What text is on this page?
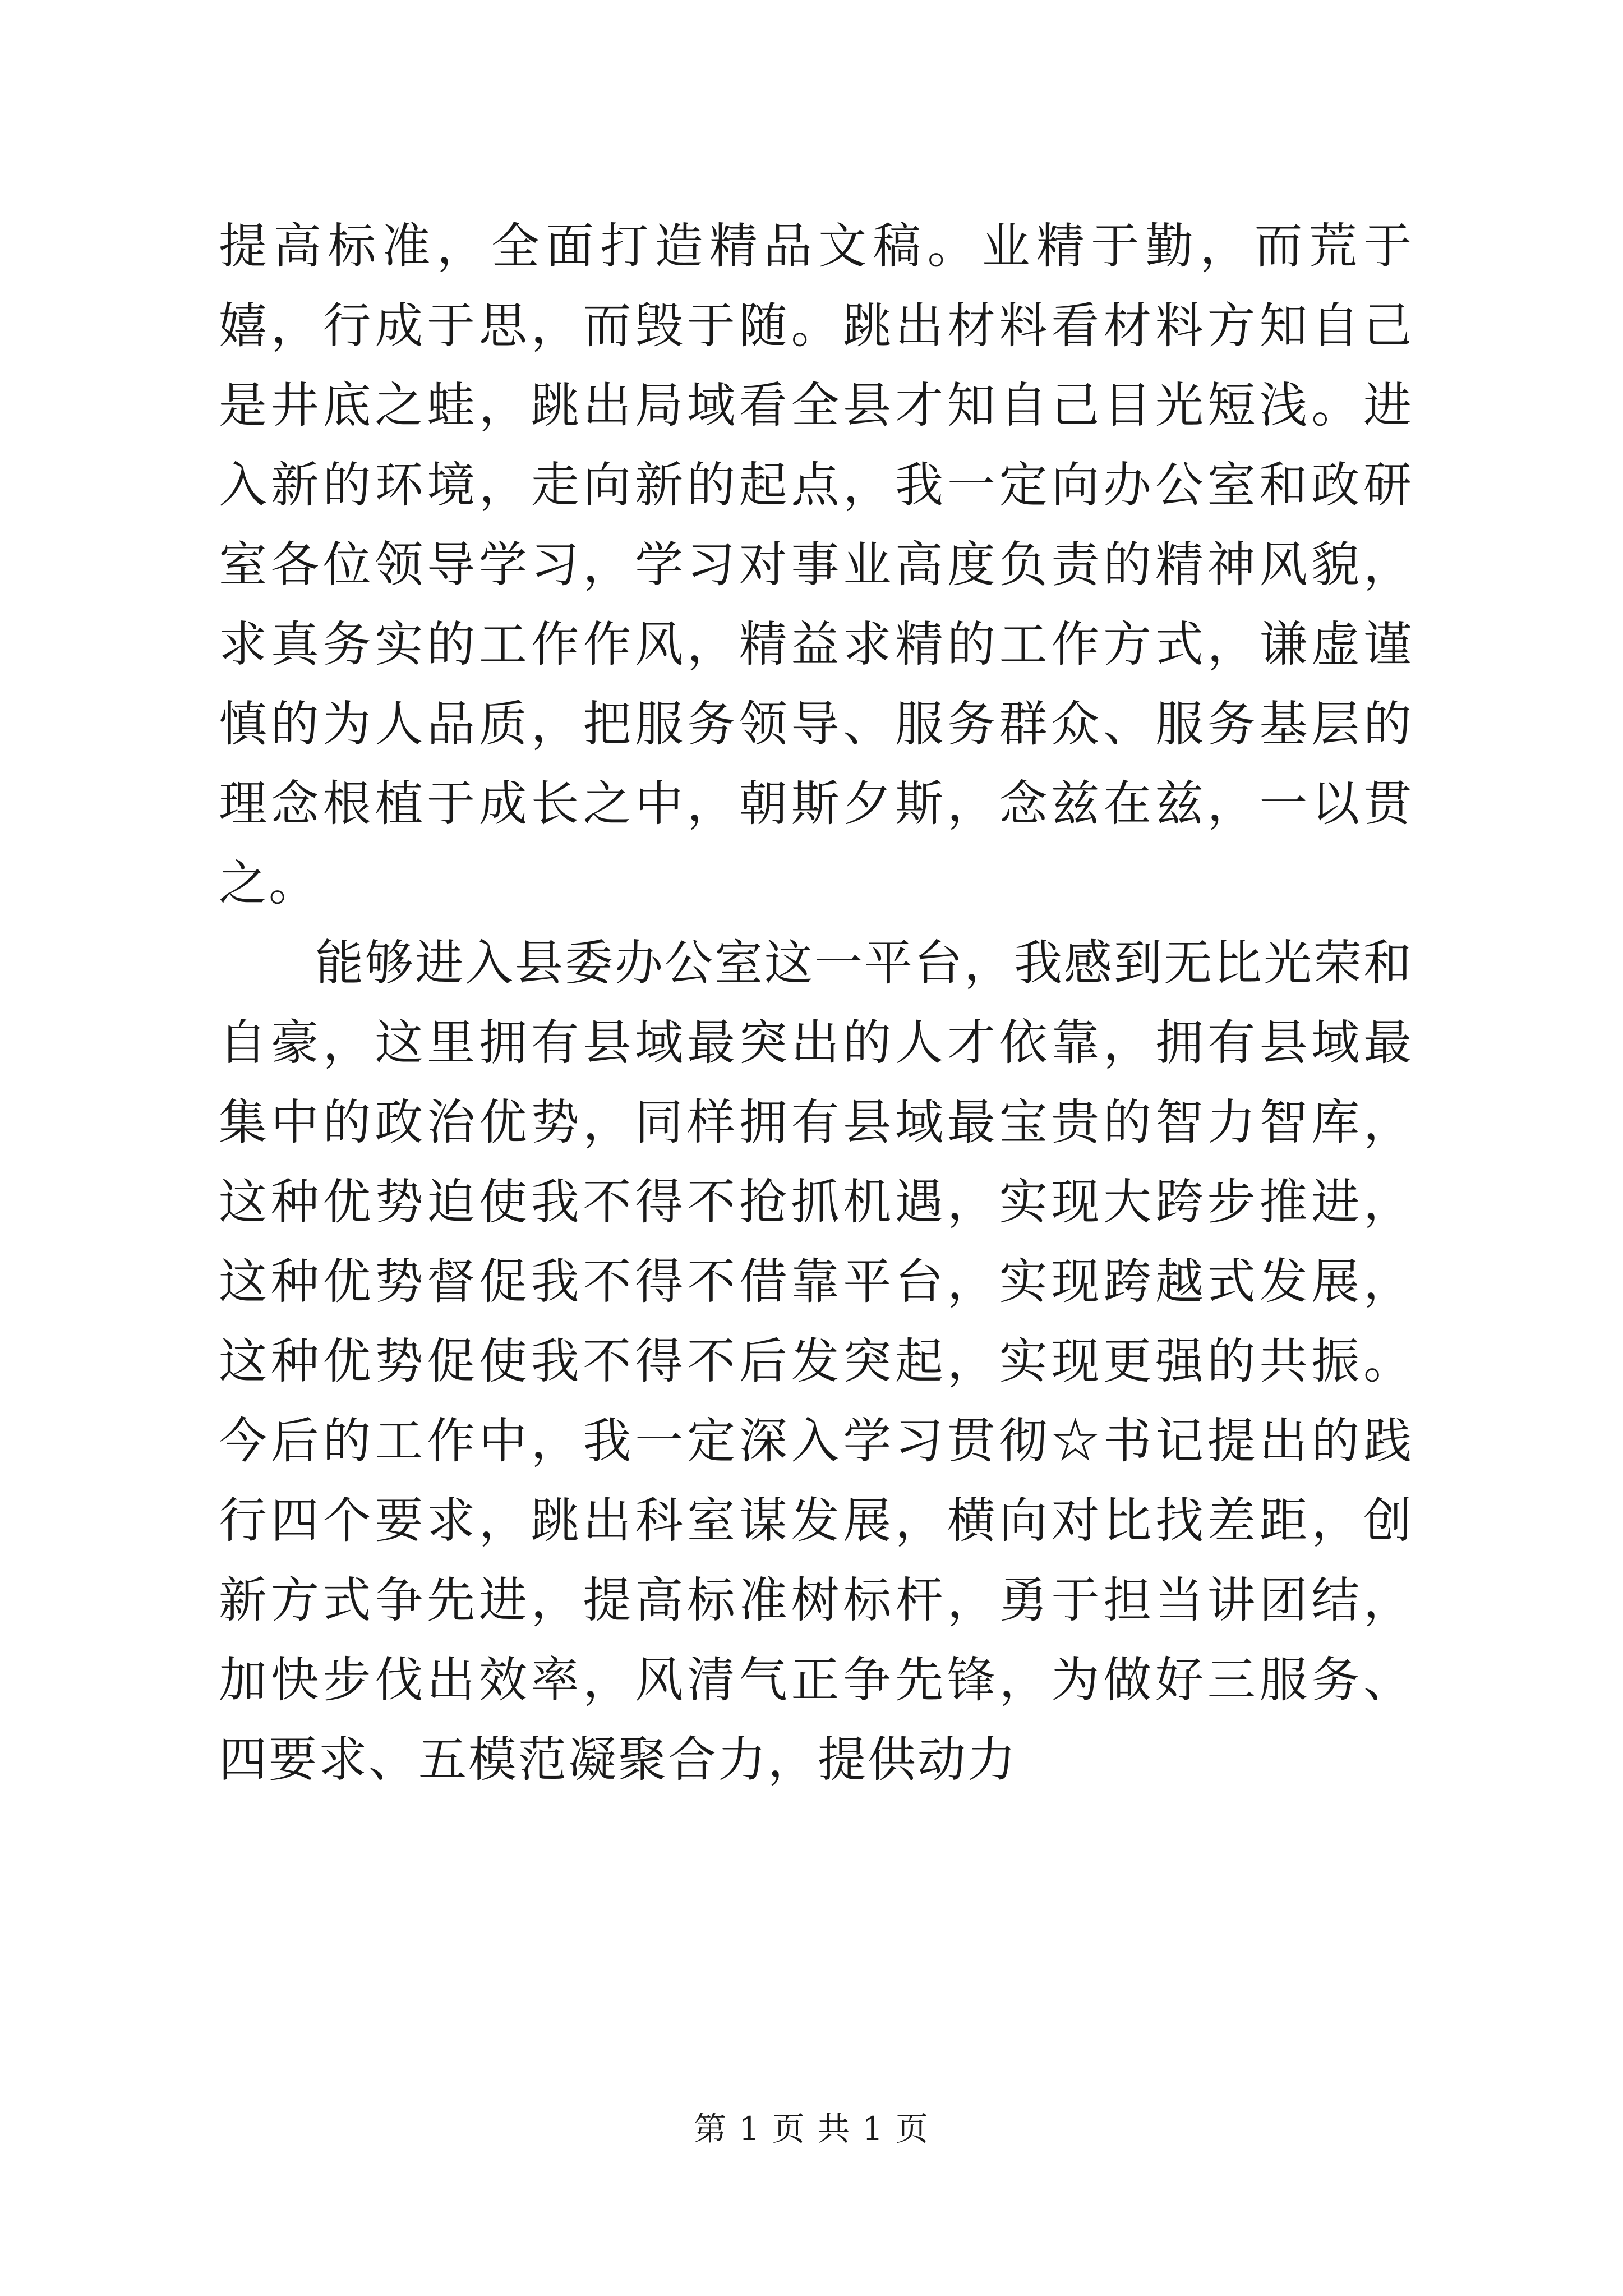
提高标准，全面打造精品文稿。业精于勤，而荒于嬉，行成于思，而毁于随。跳出材料看材料方知自己是井底之蛙，跳出局域看全县才知自己目光短浅。进入新的环境，走向新的起点，我一定向办公室和政研室各位领导学习，学习对事业高度负责的精神风貌，求真务实的工作作风，精益求精的工作方式，谦虚谨慎的为人品质，把服务领导、服务群众、服务基层的理念根植于成长之中，朝斯夕斯，念兹在兹，一以贯之。

能够进入县委办公室这一平台，我感到无比光荣和自豪，这里拥有县域最突出的人才依靠，拥有县域最集中的政治优势，同样拥有县域最宝贵的智力智库，这种优势迫使我不得不抢抓机遇，实现大跨步推进，这种优势督促我不得不借靠平台，实现跨越式发展，这种优势促使我不得不后发突起，实现更强的共振。今后的工作中，我一定深入学习贯彻☆书记提出的践行四个要求，跳出科室谋发展，横向对比找差距，创新方式争先进，提高标准树标杆，勇于担当讲团结，加快步伐出效率，风清气正争先锋，为做好三服务、四要求、五模范凝聚合力，提供动力

第 1 页 共 1 页
